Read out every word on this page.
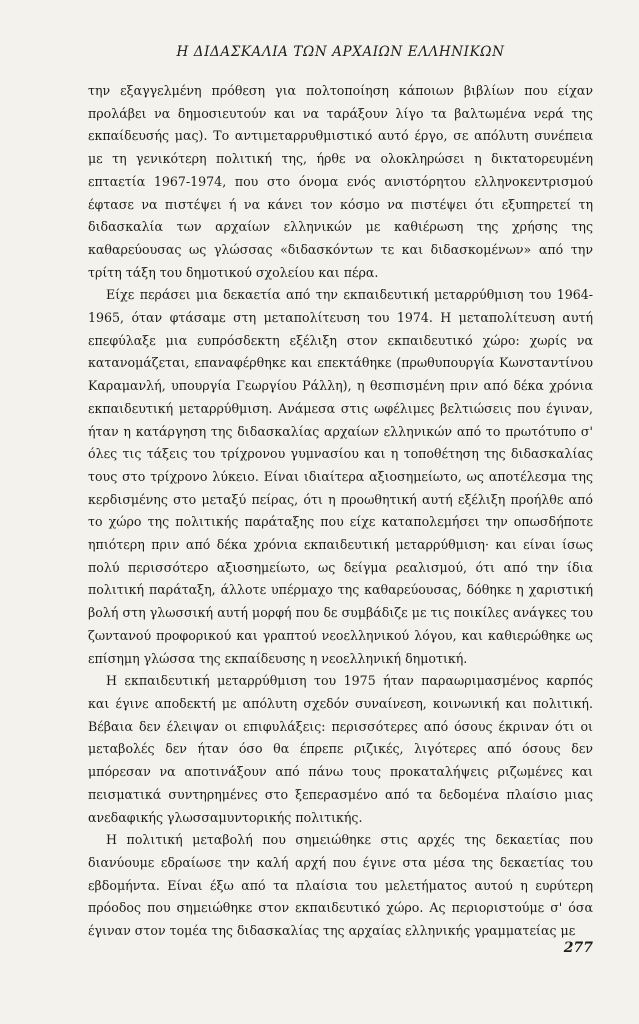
Η ΔΙΔΑΣΚΑΛΙΑ ΤΩΝ ΑΡΧΑΙΩΝ ΕΛΛΗΝΙΚΩΝ

την εξαγγελμένη πρόθεση για πολτοποίηση κάποιων βιβλίων που είχαν προλάβει να δημοσιευτούν και να ταράξουν λίγο τα βαλτωμένα νερά της εκπαίδευσής μας). Το αντιμεταρρυθμιστικό αυτό έργο, σε απόλυτη συνέπεια με τη γενικότερη πολιτική της, ήρθε να ολοκληρώσει η δικτατορευμένη επταετία 1967-1974, που στο όνομα ενός ανιστόρητου ελληνοκεντρισμού έφτασε να πιστέψει ή να κάνει τον κόσμο να πιστέψει ότι εξυπηρετεί τη διδασκαλία των αρχαίων ελληνικών με καθιέρωση της χρήσης της καθαρεύουσας ως γλώσσας «διδασκόντων τε και διδασκομένων» από την τρίτη τάξη του δημοτικού σχολείου και πέρα.

Είχε περάσει μια δεκαετία από την εκπαιδευτική μεταρρύθμιση του 1964-1965, όταν φτάσαμε στη μεταπολίτευση του 1974. Η μεταπολίτευση αυτή επεφύλαξε μια ευπρόσδεκτη εξέλιξη στον εκπαιδευτικό χώρο: χωρίς να κατανομάζεται, επαναφέρθηκε και επεκτάθηκε (πρωθυπουργία Κωνσταντίνου Καραμανλή, υπουργία Γεωργίου Ράλλη), η θεσπισμένη πριν από δέκα χρόνια εκπαιδευτική μεταρρύθμιση. Ανάμεσα στις ωφέλιμες βελτιώσεις που έγιναν, ήταν η κατάργηση της διδασκαλίας αρχαίων ελληνικών από το πρωτότυπο σ' όλες τις τάξεις του τρίχρονου γυμνασίου και η τοποθέτηση της διδασκαλίας τους στο τρίχρονο λύκειο. Είναι ιδιαίτερα αξιοσημείωτο, ως αποτέλεσμα της κερδισμένης στο μεταξύ πείρας, ότι η προωθητική αυτή εξέλιξη προήλθε από το χώρο της πολιτικής παράταξης που είχε καταπολεμήσει την οπωσδήποτε ηπιότερη πριν από δέκα χρόνια εκπαιδευτική μεταρρύθμιση· και είναι ίσως πολύ περισσότερο αξιοσημείωτο, ως δείγμα ρεαλισμού, ότι από την ίδια πολιτική παράταξη, άλλοτε υπέρμαχο της καθαρεύουσας, δόθηκε η χαριστική βολή στη γλωσσική αυτή μορφή που δε συμβάδιζε με τις ποικίλες ανάγκες του ζωντανού προφορικού και γραπτού νεοελληνικού λόγου, και καθιερώθηκε ως επίσημη γλώσσα της εκπαίδευσης η νεοελληνική δημοτική.

Η εκπαιδευτική μεταρρύθμιση του 1975 ήταν παραωριμασμένος καρπός και έγινε αποδεκτή με απόλυτη σχεδόν συναίνεση, κοινωνική και πολιτική. Βέβαια δεν έλειψαν οι επιφυλάξεις: περισσότερες από όσους έκριναν ότι οι μεταβολές δεν ήταν όσο θα έπρεπε ριζικές, λιγότερες από όσους δεν μπόρεσαν να αποτινάξουν από πάνω τους προκαταλήψεις ριζωμένες και πεισματικά συντηρημένες στο ξεπερασμένο από τα δεδομένα πλαίσιο μιας ανεδαφικής γλωσσαμυντορικής πολιτικής.

Η πολιτική μεταβολή που σημειώθηκε στις αρχές της δεκαετίας που διανύουμε εδραίωσε την καλή αρχή που έγινε στα μέσα της δεκαετίας του εβδομήντα. Είναι έξω από τα πλαίσια του μελετήματος αυτού η ευρύτερη πρόοδος που σημειώθηκε στον εκπαιδευτικό χώρο. Ας περιοριστούμε σ' όσα έγιναν στον τομέα της διδασκαλίας της αρχαίας ελληνικής γραμματείας με

277
